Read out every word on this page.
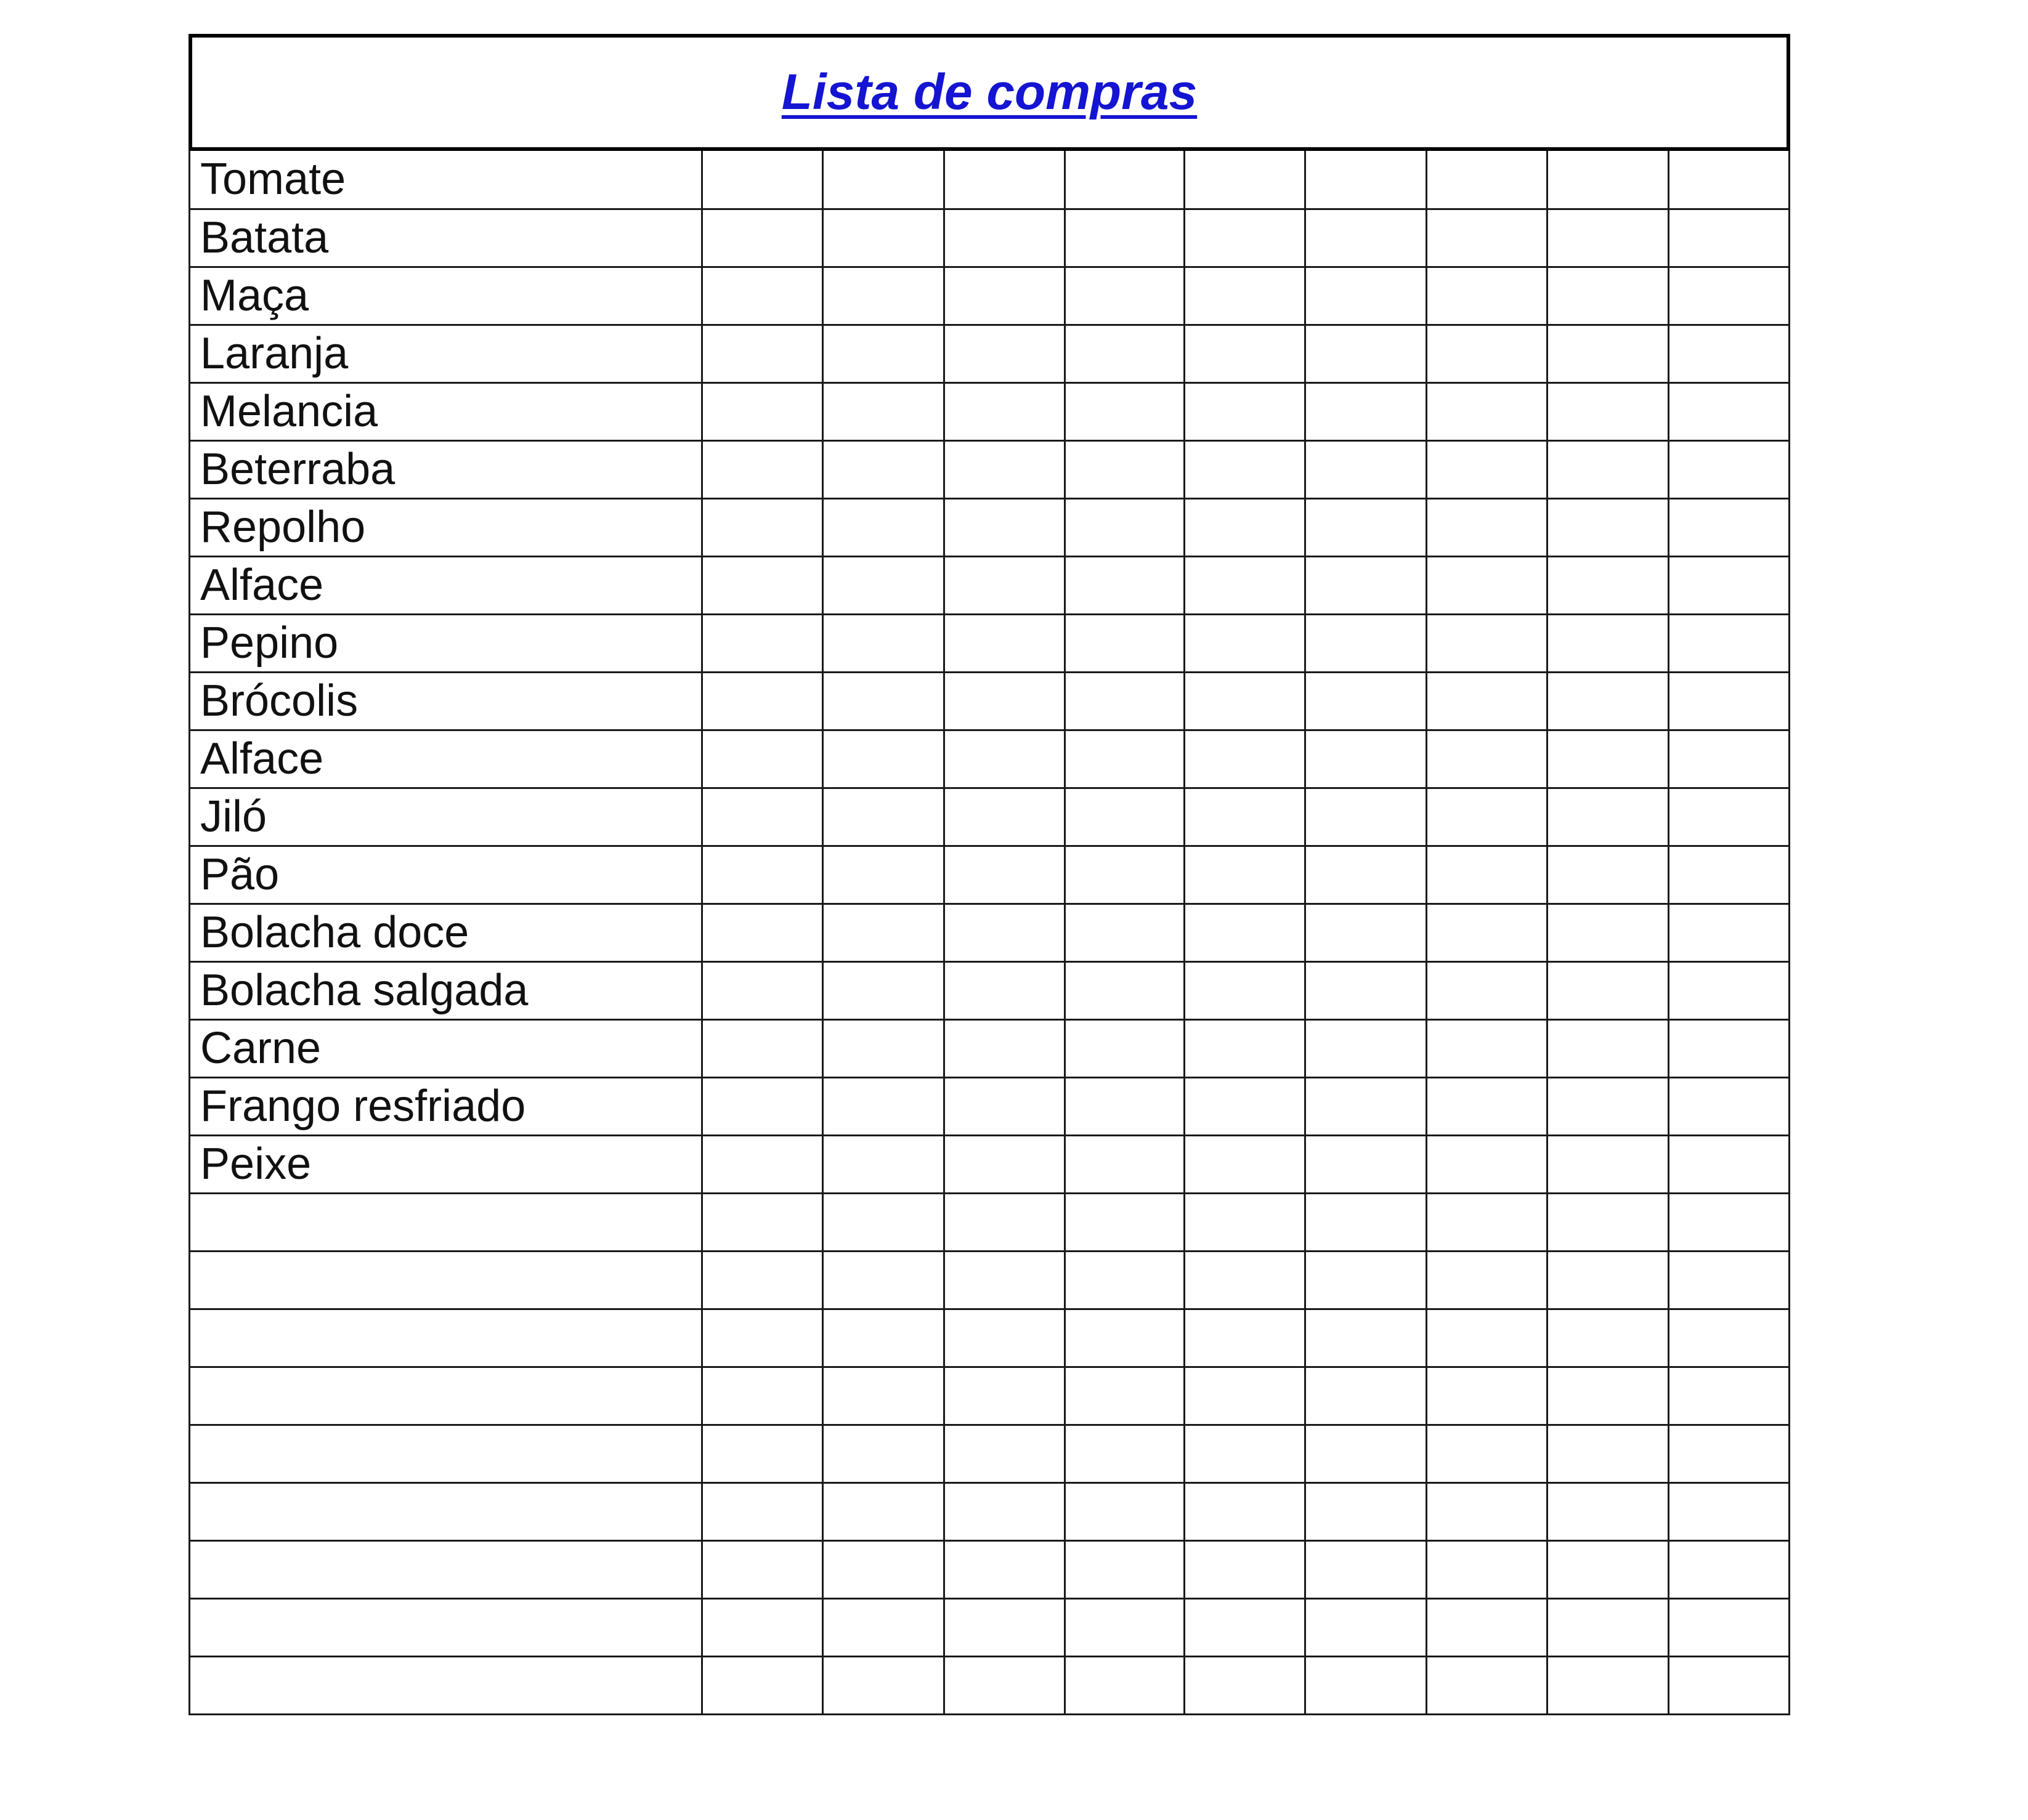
Lista de compras
Tomate									
Batata									
Maça									
Laranja									
Melancia									
Beterraba									
Repolho									
Alface									
Pepino									
Brócolis									
Alface									
Jiló									
Pão									
Bolacha doce									
Bolacha salgada									
Carne									
Frango resfriado									
Peixe									
